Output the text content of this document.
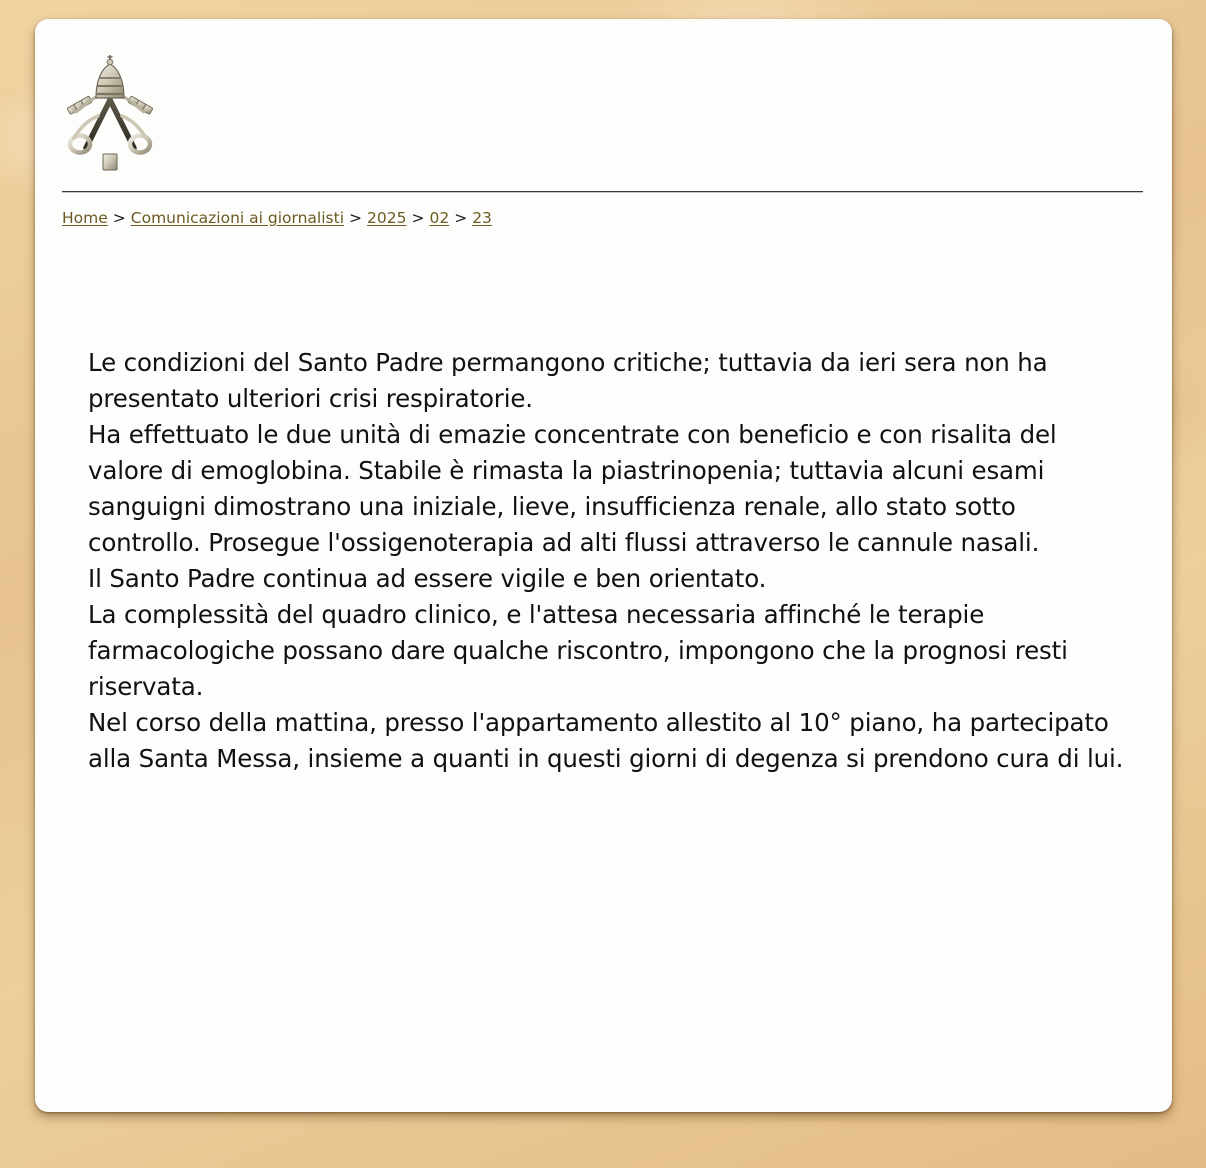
Home > Comunicazioni ai giornalisti > 2025 > 02 > 23

Le condizioni del Santo Padre permangono critiche; tuttavia da ieri sera non ha presentato ulteriori crisi respiratorie.

Ha effettuato le due unità di emazie concentrate con beneficio e con risalita del valore di emoglobina. Stabile è rimasta la piastrinopenia; tuttavia alcuni esami sanguigni dimostrano una iniziale, lieve, insufficienza renale, allo stato sotto controllo. Prosegue l'ossigenoterapia ad alti flussi attraverso le cannule nasali.

Il Santo Padre continua ad essere vigile e ben orientato.

La complessità del quadro clinico, e l'attesa necessaria affinché le terapie farmacologiche possano dare qualche riscontro, impongono che la prognosi resti riservata.

Nel corso della mattina, presso l'appartamento allestito al 10° piano, ha partecipato alla Santa Messa, insieme a quanti in questi giorni di degenza si prendono cura di lui.
